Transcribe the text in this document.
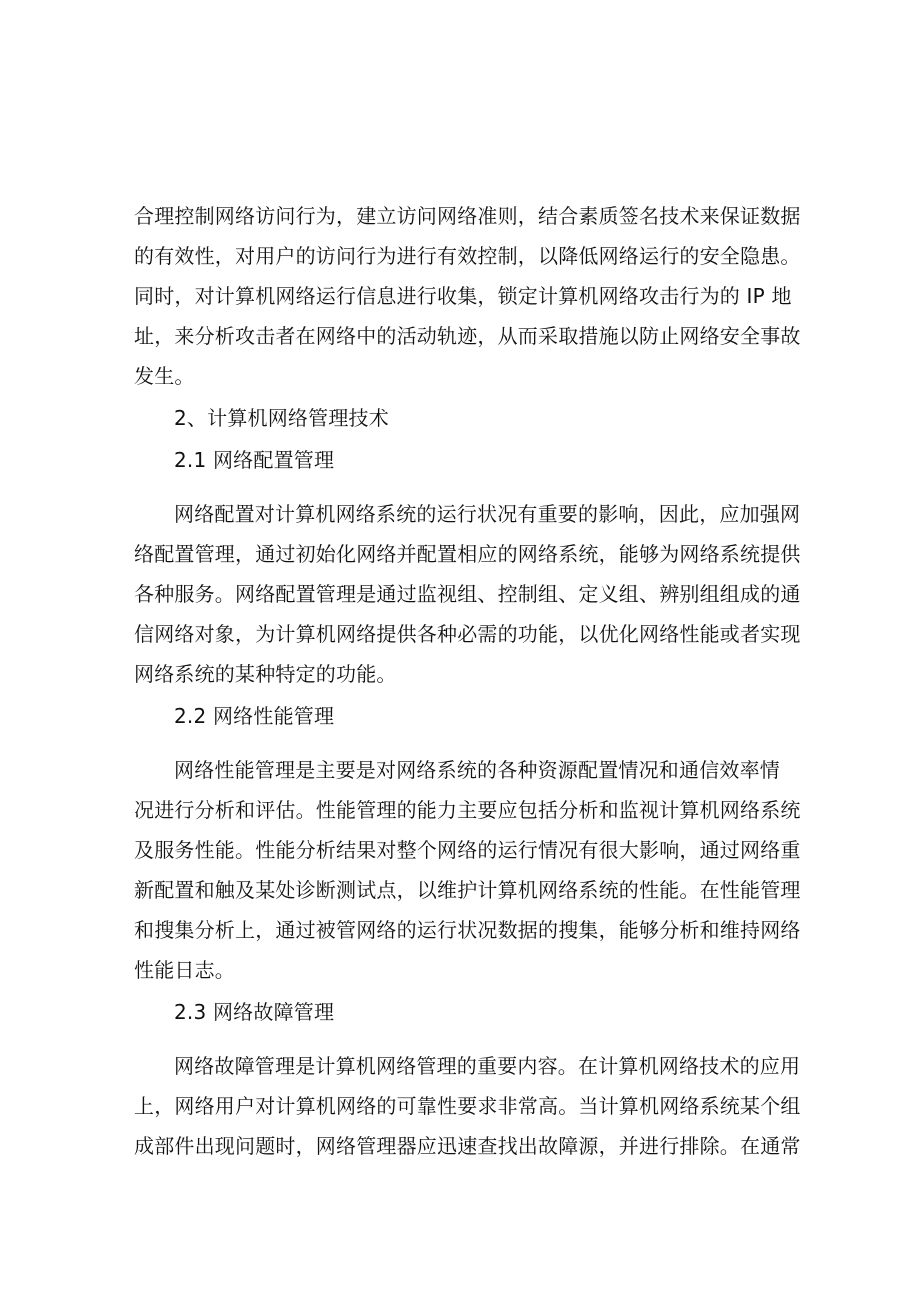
合理控制网络访问行为，建立访问网络准则，结合素质签名技术来保证数据
的有效性，对用户的访问行为进行有效控制，以降低网络运行的安全隐患。
同时，对计算机网络运行信息进行收集，锁定计算机网络攻击行为的 IP 地
址，来分析攻击者在网络中的活动轨迹，从而采取措施以防止网络安全事故
发生。
2、计算机网络管理技术
2.1 网络配置管理
网络配置对计算机网络系统的运行状况有重要的影响，因此，应加强网
络配置管理，通过初始化网络并配置相应的网络系统，能够为网络系统提供
各种服务。网络配置管理是通过监视组、控制组、定义组、辨别组组成的通
信网络对象，为计算机网络提供各种必需的功能，以优化网络性能或者实现
网络系统的某种特定的功能。
2.2 网络性能管理
网络性能管理是主要是对网络系统的各种资源配置情况和通信效率情
况进行分析和评估。性能管理的能力主要应包括分析和监视计算机网络系统
及服务性能。性能分析结果对整个网络的运行情况有很大影响，通过网络重
新配置和触及某处诊断测试点，以维护计算机网络系统的性能。在性能管理
和搜集分析上，通过被管网络的运行状况数据的搜集，能够分析和维持网络
性能日志。
2.3 网络故障管理
网络故障管理是计算机网络管理的重要内容。在计算机网络技术的应用
上，网络用户对计算机网络的可靠性要求非常高。当计算机网络系统某个组
成部件出现问题时，网络管理器应迅速查找出故障源，并进行排除。在通常
